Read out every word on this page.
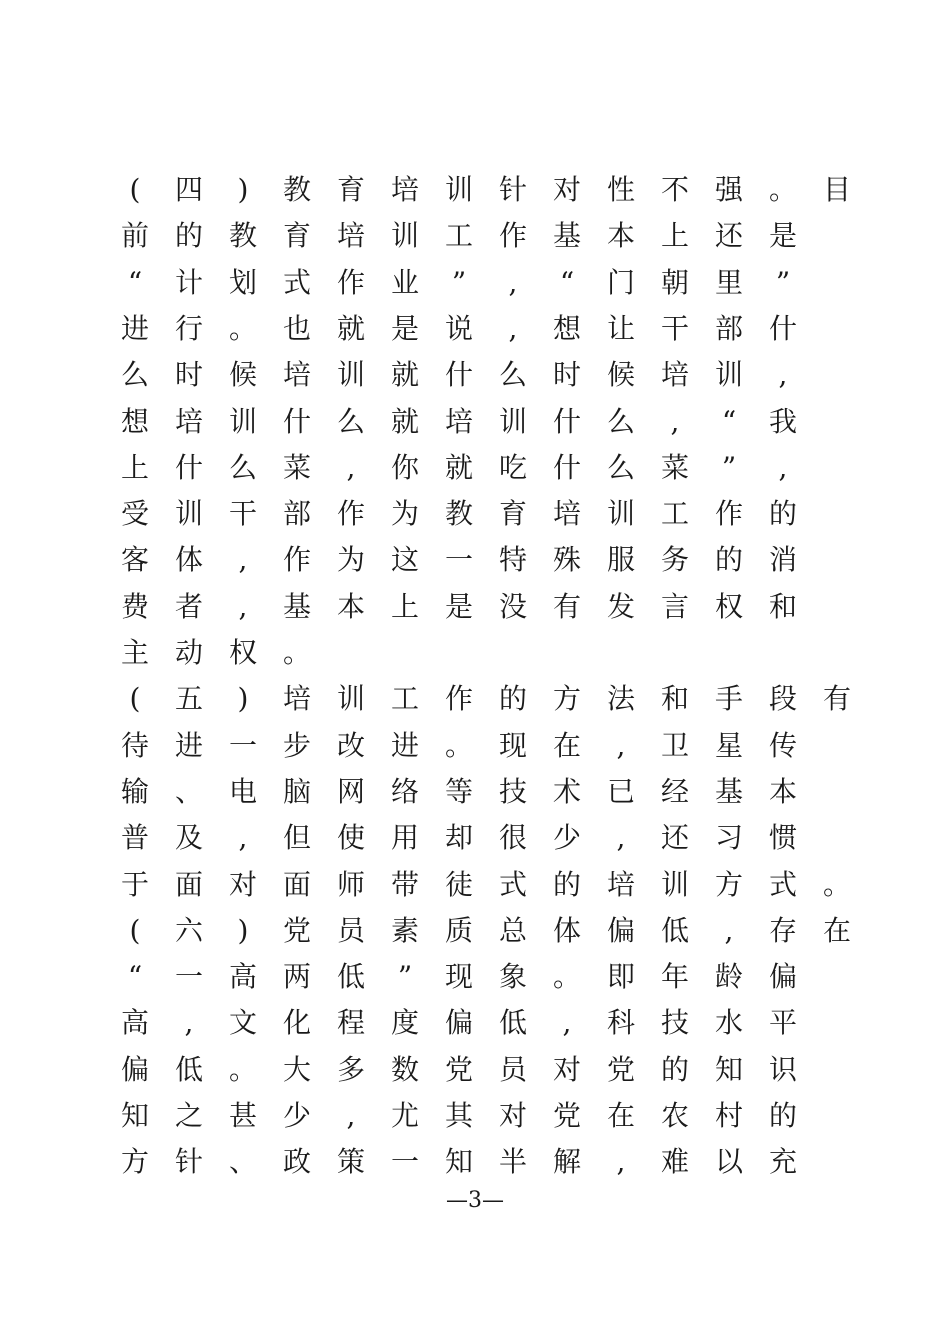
(	四	)	教 育 培 训 针 对 性 不 强 。 目
前 的 教 育 培 训 工 作 基 本 上 还 是
“	计 划 式 作 业	”	,	“	门 朝 里	”
进 行 。 也 就 是 说	,	想 让 干 部 什
么 时 候 培 训 就 什 么 时 候 培 训	,
想 培 训 什 么 就 培 训 什 么	,	“	我
上 什 么 菜	,	你 就 吃 什 么 菜	”	,
受 训 干 部 作 为 教 育 培 训 工 作 的
客 体	,	作 为 这 一 特 殊 服 务 的 消
费 者	,	基 本 上 是 没 有 发 言 权 和
主 动 权 。
(	五	)	培 训 工 作 的 方 法 和 手 段 有
待 进 一 步 改 进 。 现 在	,	卫 星 传
输 、 电 脑 网 络 等 技 术 已 经 基 本
普 及	,	但 使 用 却 很 少	,	还 习 惯
于 面 对 面 师 带 徒 式 的 培 训 方 式 。
(	六	)	党 员 素 质 总 体 偏 低	,	存 在
“	一 高 两 低	”	现 象 。 即 年 龄 偏
高	,	文 化 程 度 偏 低	,	科 技 水 平
偏 低 。 大 多 数 党 员 对 党 的 知 识
知 之 甚 少	,	尤 其 对 党 在 农 村 的
方 针 、 政 策 一 知 半 解	,	难 以 充
—3—
